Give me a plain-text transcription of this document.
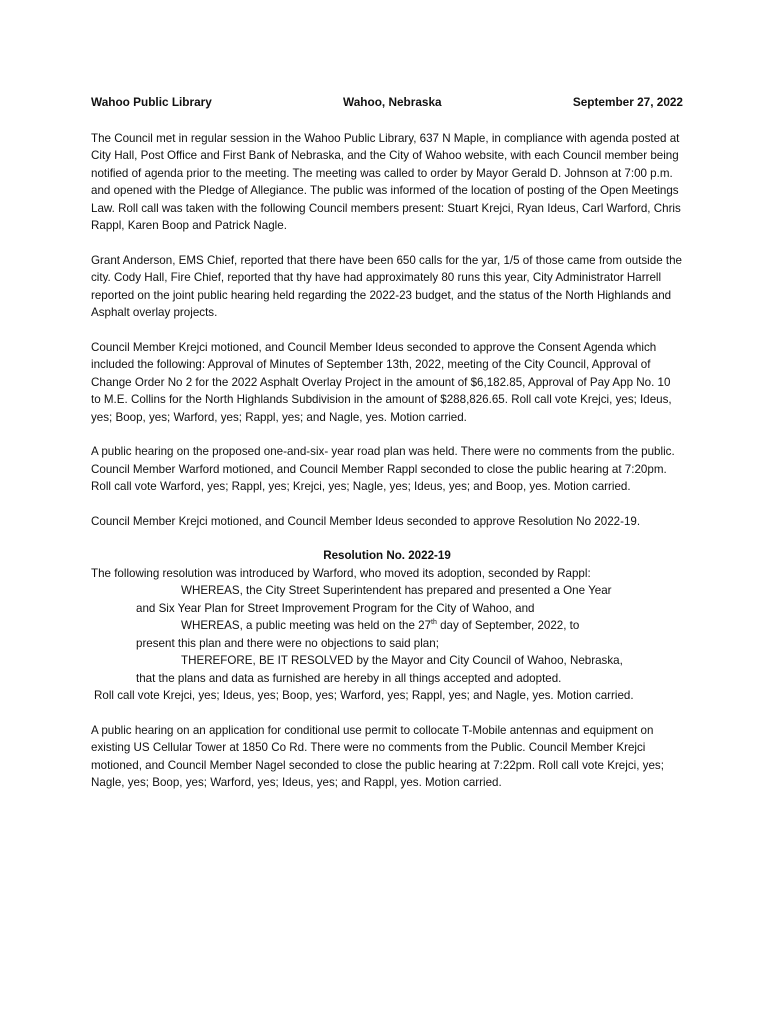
Wahoo Public Library	Wahoo, Nebraska	September 27, 2022

The Council met in regular session in the Wahoo Public Library, 637 N Maple, in compliance with agenda posted at City Hall, Post Office and First Bank of Nebraska, and the City of Wahoo website, with each Council member being notified of agenda prior to the meeting. The meeting was called to order by Mayor Gerald D. Johnson at 7:00 p.m. and opened with the Pledge of Allegiance. The public was informed of the location of posting of the Open Meetings Law. Roll call was taken with the following Council members present: Stuart Krejci, Ryan Ideus, Carl Warford, Chris Rappl, Karen Boop and Patrick Nagle.

Grant Anderson, EMS Chief, reported that there have been 650 calls for the yar, 1/5 of those came from outside the city. Cody Hall, Fire Chief, reported that thy have had approximately 80 runs this year, City Administrator Harrell reported on the joint public hearing held regarding the 2022-23 budget, and the status of the North Highlands and Asphalt overlay projects.

Council Member Krejci motioned, and Council Member Ideus seconded to approve the Consent Agenda which included the following: Approval of Minutes of September 13th, 2022, meeting of the City Council, Approval of Change Order No 2 for the 2022 Asphalt Overlay Project in the amount of $6,182.85, Approval of Pay App No. 10 to M.E. Collins for the North Highlands Subdivision in the amount of $288,826.65. Roll call vote Krejci, yes; Ideus, yes; Boop, yes; Warford, yes; Rappl, yes; and Nagle, yes. Motion carried.

A public hearing on the proposed one-and-six- year road plan was held. There were no comments from the public. Council Member Warford motioned, and Council Member Rappl seconded to close the public hearing at 7:20pm. Roll call vote Warford, yes; Rappl, yes; Krejci, yes; Nagle, yes; Ideus, yes; and Boop, yes. Motion carried.

Council Member Krejci motioned, and Council Member Ideus seconded to approve Resolution No 2022-19.

Resolution No. 2022-19

The following resolution was introduced by Warford, who moved its adoption, seconded by Rappl:

WHEREAS, the City Street Superintendent has prepared and presented a One Year

and Six Year Plan for Street Improvement Program for the City of Wahoo, and

WHEREAS, a public meeting was held on the 27th day of September, 2022, to

present this plan and there were no objections to said plan;

THEREFORE, BE IT RESOLVED by the Mayor and City Council of Wahoo, Nebraska,

that the plans and data as furnished are hereby in all things accepted and adopted.

Roll call vote Krejci, yes; Ideus, yes; Boop, yes; Warford, yes; Rappl, yes; and Nagle, yes. Motion carried.

A public hearing on an application for conditional use permit to collocate T-Mobile antennas and equipment on existing US Cellular Tower at 1850 Co Rd. There were no comments from the Public. Council Member Krejci motioned, and Council Member Nagel seconded to close the public hearing at 7:22pm. Roll call vote Krejci, yes; Nagle, yes; Boop, yes; Warford, yes; Ideus, yes; and Rappl, yes. Motion carried.
